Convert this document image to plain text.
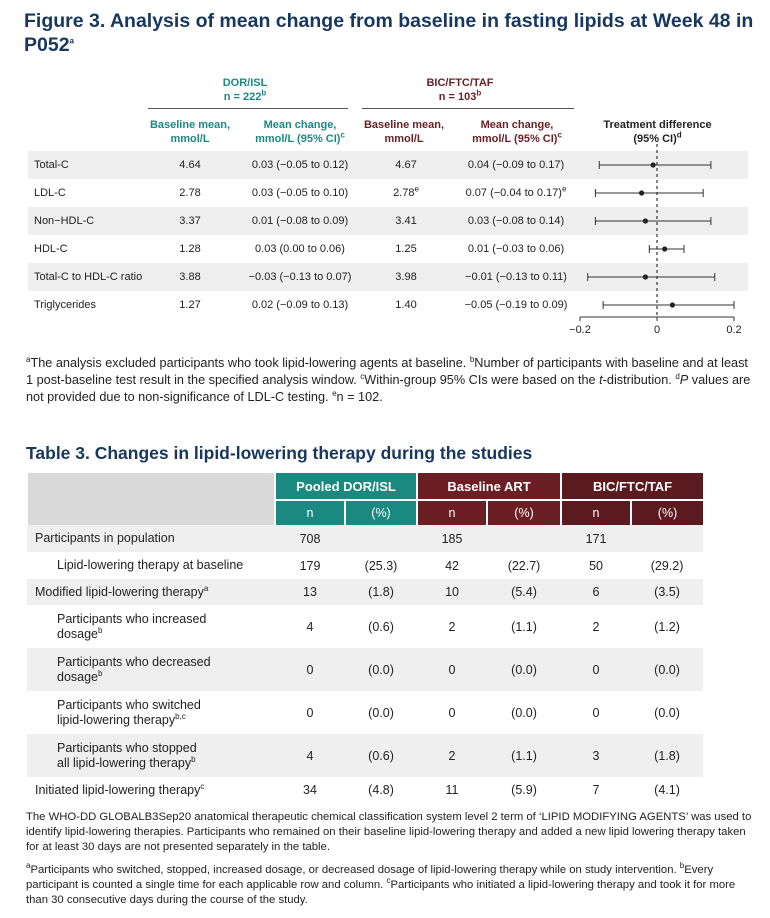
Figure 3. Analysis of mean change from baseline in fasting lipids at Week 48 in P052$^a$
DOR/ISL
$n = 222^b$
BIC/FTC/TAF
$n = 103^b$
Baseline mean,
mmol/L
Mean change,
mmol/L (95% CI)$^c$
Baseline mean,
mmol/L
Mean change,
mmol/L (95% CI)$^c$
Treatment difference
(95% CI)$^d$
Total-C	4.64	0.03 (−0.05 to 0.12)	4.67	0.04 (−0.09 to 0.17)
LDL-C	2.78	0.03 (−0.05 to 0.10)	2.78e	0.07 (−0.04 to 0.17)$^e$
Non−HDL-C	3.37	0.01 (−0.08 to 0.09)	3.41	0.03 (−0.08 to 0.14)
HDL-C	1.28	0.03 (0.00 to 0.06)	1.25	0.01 (−0.03 to 0.06)
Total-C to HDL-C ratio	3.88	−0.03 (−0.13 to 0.07)	3.98	−0.01 (−0.13 to 0.11)
Triglycerides	1.27	0.02 (−0.09 to 0.13)	1.40	−0.05 (−0.19 to 0.09)
−0.2	0	0.2

$^a$The analysis excluded participants who took lipid-lowering agents at baseline. $^b$Number of participants with baseline and at least 1 post-baseline test result in the specified analysis window. $^c$Within-group 95% CIs were based on the t-distribution. $^d$P values are not provided due to non-significance of LDL-C testing. $^e$n = 102.

Table 3. Changes in lipid-lowering therapy during the studies
	Pooled DOR/ISL		Baseline ART		BIC/FTC/TAF	
	n	(%)	n	(%)	n	(%)
Participants in population	708		185		171	
Lipid-lowering therapy at baseline	179	(25.3)	42	(22.7)	50	(29.2)
Modified lipid-lowering therapy$^a$	13	(1.8)	10	(5.4)	6	(3.5)
Participants who increased
dosage$^b$	4	(0.6)	2	(1.1)	2	(1.2)
Participants who decreased
dosage$^b$	0	(0.0)	0	(0.0)	0	(0.0)
Participants who switched
lipid-lowering therapy$^{b,c}$	0	(0.0)	0	(0.0)	0	(0.0)
Participants who stopped
all lipid-lowering therapy$^b$	4	(0.6)	2	(1.1)	3	(1.8)
Initiated lipid-lowering therapy$^c$	34	(4.8)	11	(5.9)	7	(4.1)

The WHO-DD GLOBALB3Sep20 anatomical therapeutic chemical classification system level 2 term of ‘LIPID MODIFYING AGENTS’ was used to identify lipid-lowering therapies. Participants who remained on their baseline lipid-lowering therapy and added a new lipid lowering therapy taken for at least 30 days are not presented separately in the table.

$^a$Participants who switched, stopped, increased dosage, or decreased dosage of lipid-lowering therapy while on study intervention. $^b$Every participant is counted a single time for each applicable row and column. $^c$Participants who initiated a lipid-lowering therapy and took it for more than 30 consecutive days during the course of the study.
